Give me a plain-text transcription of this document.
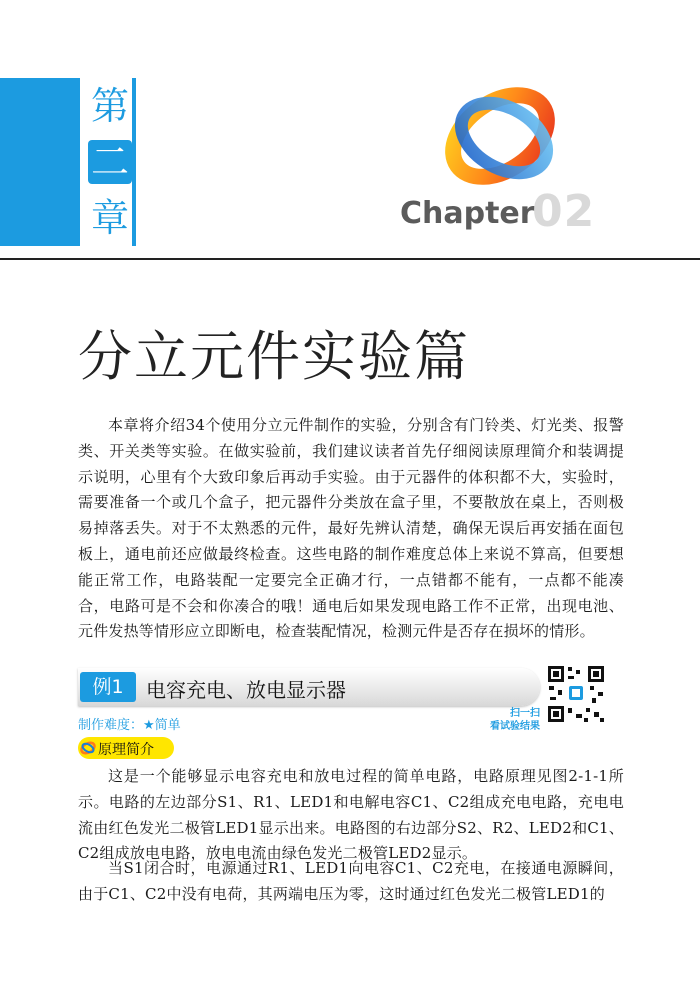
第
二
章	Chapter
02
分立元件实验篇
本章将介绍34个使用分立元件制作的实验，分别含有门铃类、灯光类、报警类、开关类等实验。在做实验前，我们建议读者首先仔细阅读原理简介和装调提示说明，心里有个大致印象后再动手实验。由于元器件的体积都不大，实验时，需要准备一个或几个盒子，把元器件分类放在盒子里，不要散放在桌上，否则极易掉落丢失。对于不太熟悉的元件，最好先辨认清楚，确保无误后再安插在面包板上，通电前还应做最终检查。这些电路的制作难度总体上来说不算高，但要想能正常工作，电路装配一定要完全正确才行，一点错都不能有，一点都不能凑合，电路可是不会和你凑合的哦！通电后如果发现电路工作不正常，出现电池、元件发热等情形应立即断电，检查装配情况，检测元件是否存在损坏的情形。
例1	电容充电、放电显示器
扫一扫
看试验结果
制作难度：★简单
原理简介
这是一个能够显示电容充电和放电过程的简单电路，电路原理见图2-1-1所示。电路的左边部分S1、R1、LED1和电解电容C1、C2组成充电电路，充电电流由红色发光二极管LED1显示出来。电路图的右边部分S2、R2、LED2和C1、C2组成放电电路，放电电流由绿色发光二极管LED2显示。
当S1闭合时，电源通过R1、LED1向电容C1、C2充电，在接通电源瞬间，由于C1、C2中没有电荷，其两端电压为零，这时通过红色发光二极管LED1的
